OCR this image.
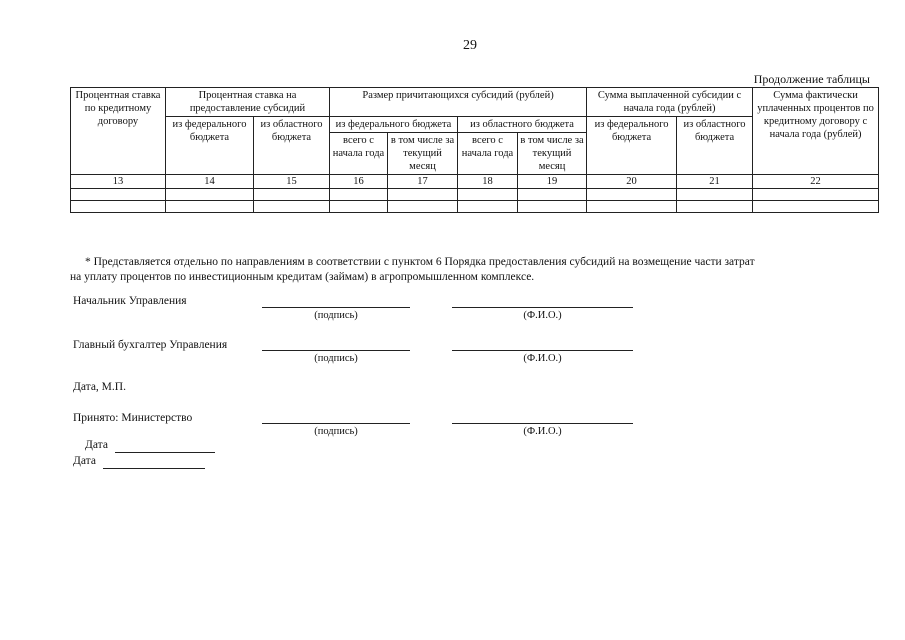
29
Продолжение таблицы
Процентная ставка по кредитному договору	Процентная ставка на предоставление субсидий		Размер причитающихся субсидий (рублей)				Сумма выплаченной субсидии с начала года (рублей)		Сумма фактически уплаченных процентов по кредитному договору с начала года (рублей)
	из федерального бюджета	из областного бюджета	из федерального бюджета		из областного бюджета		из федерального бюджета	из областного бюджета	
			всего с начала года	в том числе за текущий месяц	всего с начала года	в том числе за текущий месяц			
13	14	15	16	17	18	19	20	21	22

* Представляется отдельно по направлениям в соответствии с пунктом 6 Порядка предоставления субсидий на возмещение части затрат
на уплату процентов по инвестиционным кредитам (займам) в агропромышленном комплексе.
Начальник Управления
(подпись)	(Ф.И.О.)
Главный бухгалтер Управления
(подпись)	(Ф.И.О.)
Дата, М.П.
Принято: Министерство
(подпись)	(Ф.И.О.)
Дата
Дата
